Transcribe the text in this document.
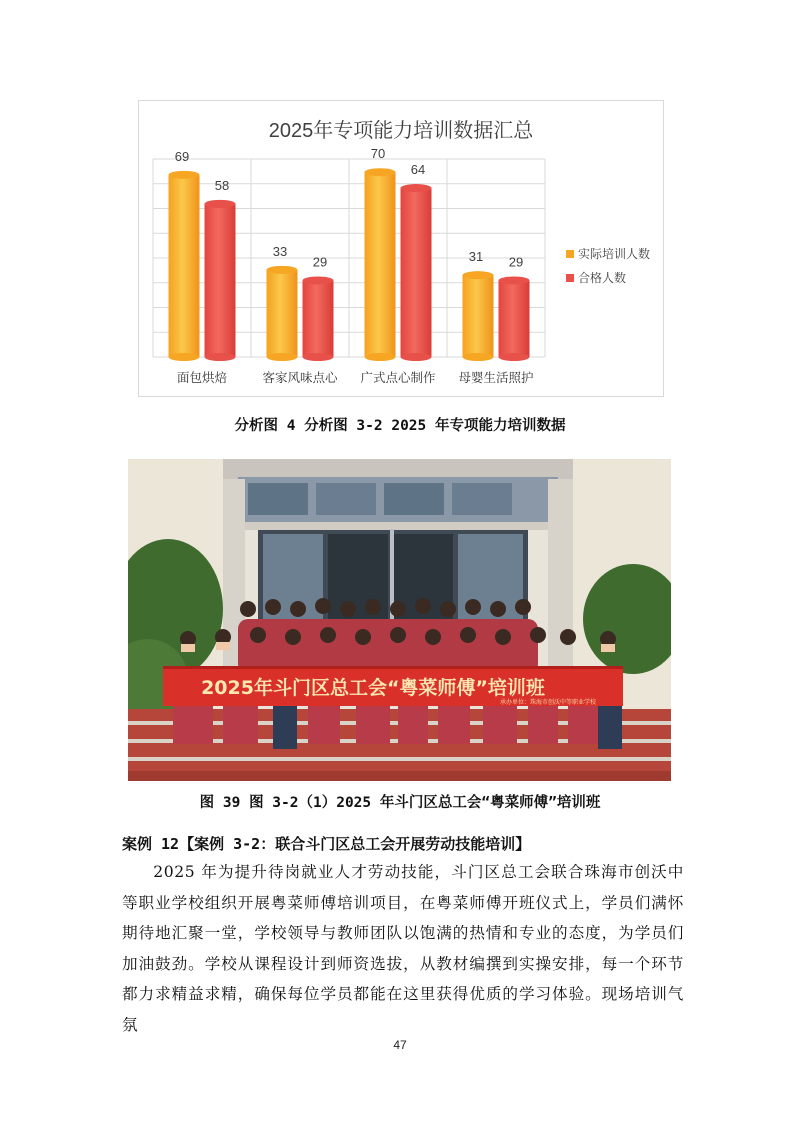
2025年专项能力培训数据汇总
69
58
面包烘焙
33
29
客家风味点心
70
64
广式点心制作
31 29
母婴生活照护
实际培训人数
合格人数
分析图 4 分析图 3-2 2025 年专项能力培训数据
2025年斗门区总工会“粤菜师傅”培训班
承办单位：珠海市创沃中等职业学校
图 39 图 3-2（1）2025 年斗门区总工会“粤菜师傅”培训班
案例 12【案例 3-2：联合斗门区总工会开展劳动技能培训】

2025 年为提升待岗就业人才劳动技能，斗门区总工会联合珠海市创沃中等职业学校组织开展粤菜师傅培训项目，在粤菜师傅开班仪式上，学员们满怀期待地汇聚一堂，学校领导与教师团队以饱满的热情和专业的态度，为学员们加油鼓劲。学校从课程设计到师资选拔，从教材编撰到实操安排，每一个环节都力求精益求精，确保每位学员都能在这里获得优质的学习体验。现场培训气氛

47
